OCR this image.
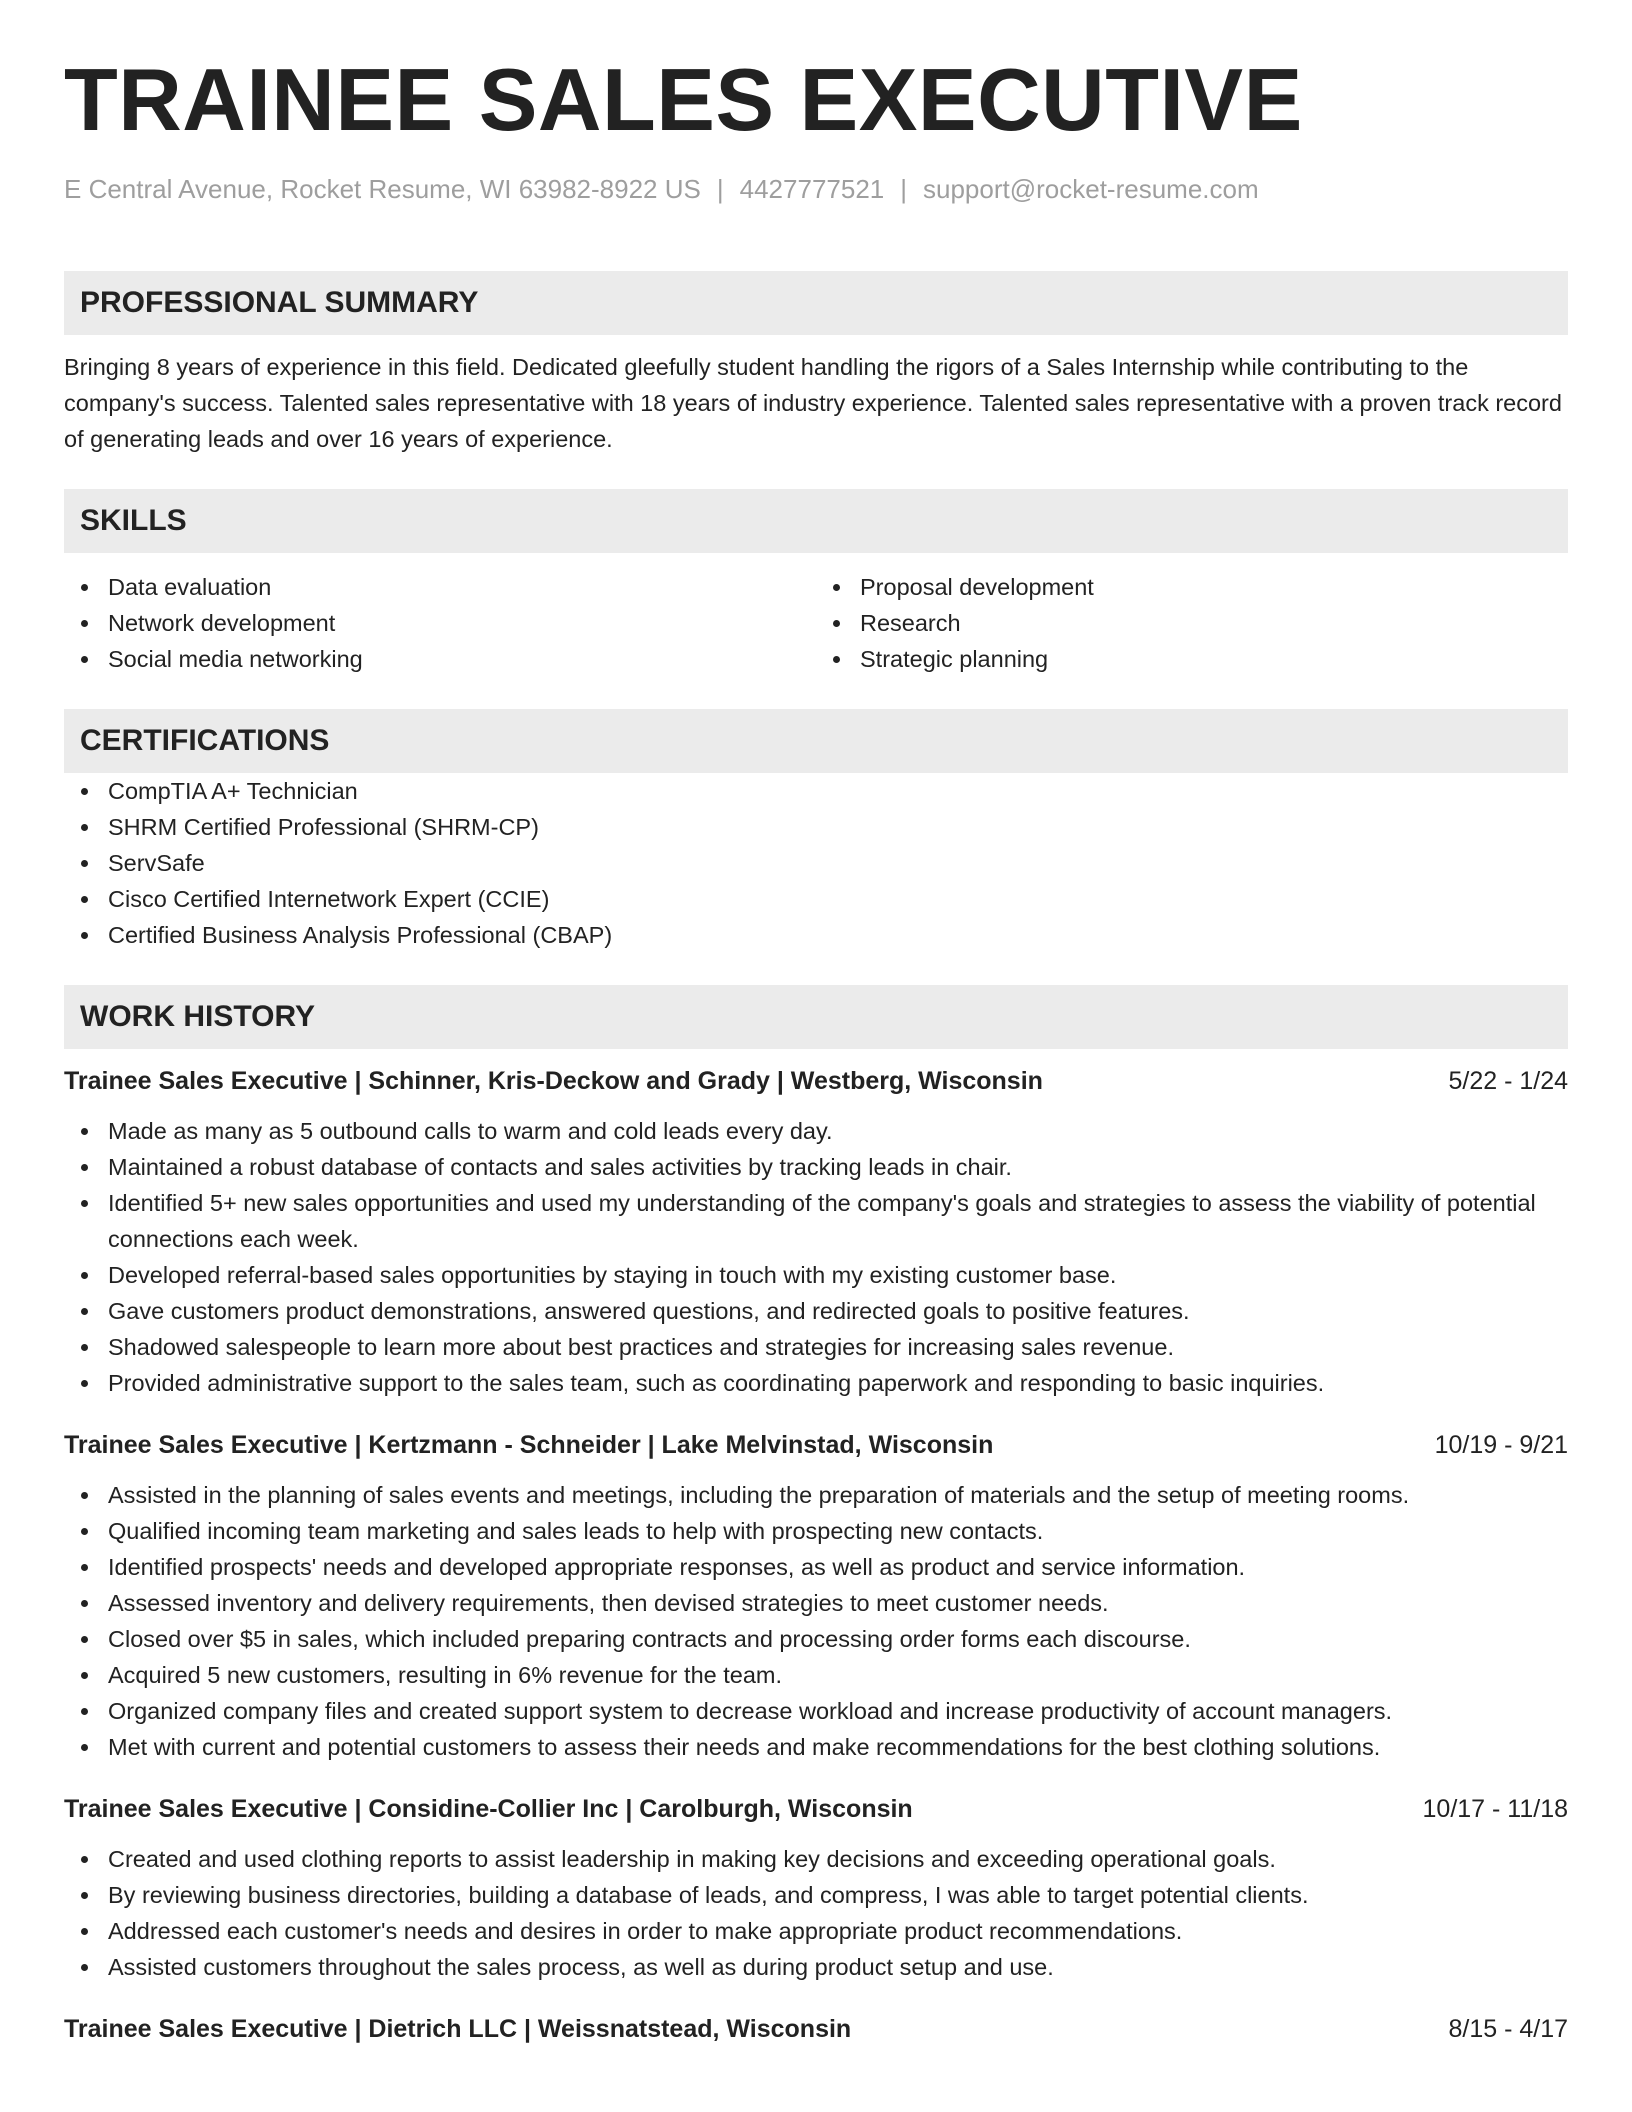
TRAINEE SALES EXECUTIVE
E Central Avenue, Rocket Resume, WI 63982-8922 US | 4427777521 | support@rocket-resume.com
PROFESSIONAL SUMMARY

Bringing 8 years of experience in this field. Dedicated gleefully student handling the rigors of a Sales Internship while contributing to the company's success. Talented sales representative with 18 years of industry experience. Talented sales representative with a proven track record of generating leads and over 16 years of experience.

SKILLS
Data evaluation
Network development
Social media networking
Proposal development
Research
Strategic planning
CERTIFICATIONS
CompTIA A+ Technician
SHRM Certified Professional (SHRM-CP)
ServSafe
Cisco Certified Internetwork Expert (CCIE)
Certified Business Analysis Professional (CBAP)
WORK HISTORY
Trainee Sales Executive | Schinner, Kris-Deckow and Grady | Westberg, Wisconsin	5/22 - 1/24
Made as many as 5 outbound calls to warm and cold leads every day.
Maintained a robust database of contacts and sales activities by tracking leads in chair.
Identified 5+ new sales opportunities and used my understanding of the company's goals and strategies to assess the viability of potential connections each week.
Developed referral-based sales opportunities by staying in touch with my existing customer base.
Gave customers product demonstrations, answered questions, and redirected goals to positive features.
Shadowed salespeople to learn more about best practices and strategies for increasing sales revenue.
Provided administrative support to the sales team, such as coordinating paperwork and responding to basic inquiries.
Trainee Sales Executive | Kertzmann - Schneider | Lake Melvinstad, Wisconsin	10/19 - 9/21
Assisted in the planning of sales events and meetings, including the preparation of materials and the setup of meeting rooms.
Qualified incoming team marketing and sales leads to help with prospecting new contacts.
Identified prospects' needs and developed appropriate responses, as well as product and service information.
Assessed inventory and delivery requirements, then devised strategies to meet customer needs.
Closed over $5 in sales, which included preparing contracts and processing order forms each discourse.
Acquired 5 new customers, resulting in 6% revenue for the team.
Organized company files and created support system to decrease workload and increase productivity of account managers.
Met with current and potential customers to assess their needs and make recommendations for the best clothing solutions.
Trainee Sales Executive | Considine-Collier Inc | Carolburgh, Wisconsin	10/17 - 11/18
Created and used clothing reports to assist leadership in making key decisions and exceeding operational goals.
By reviewing business directories, building a database of leads, and compress, I was able to target potential clients.
Addressed each customer's needs and desires in order to make appropriate product recommendations.
Assisted customers throughout the sales process, as well as during product setup and use.
Trainee Sales Executive | Dietrich LLC | Weissnatstead, Wisconsin	8/15 - 4/17
